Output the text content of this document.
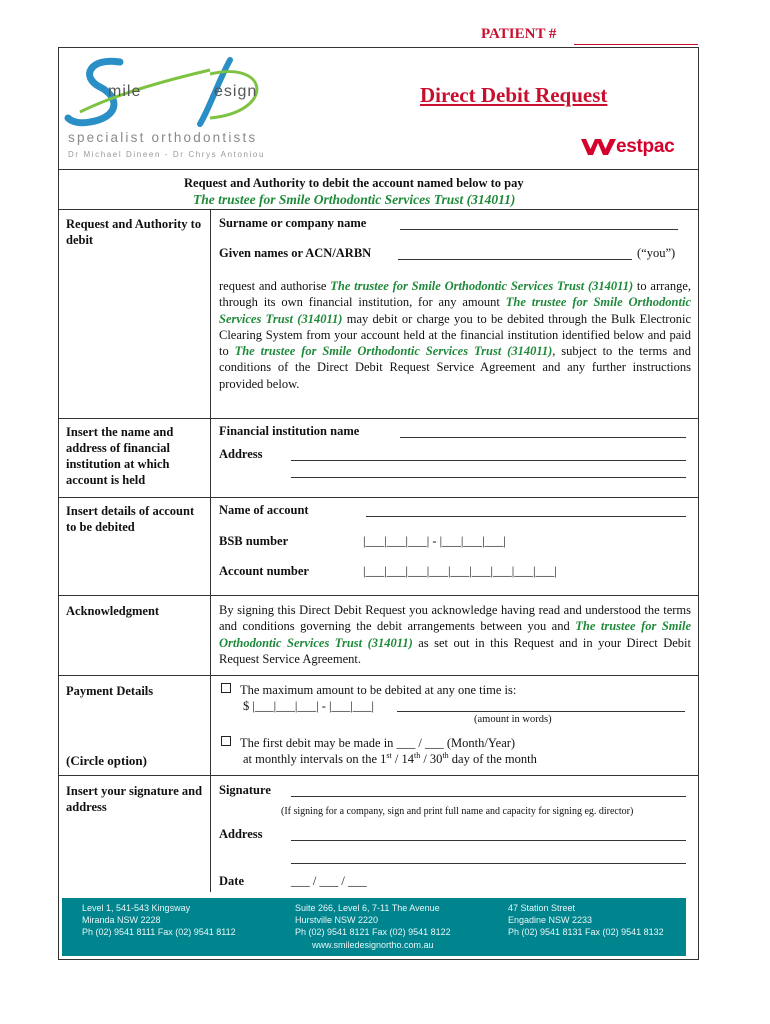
PATIENT #
mile	esign
specialist orthodontists
Dr Michael Dineen - Dr Chrys Antoniou	estpac
Direct Debit Request
Request and Authority to debit the account named below to pay
The trustee for Smile Orthodontic Services Trust (314011)
Request and Authority to debit
Surname or company name
Given names or ACN/ARBN	(“you”)
request and authorise The trustee for Smile Orthodontic Services Trust (314011) to arrange, through its own financial institution, for any amount The trustee for Smile Orthodontic Services Trust (314011) may debit or charge you to be debited through the Bulk Electronic Clearing System from your account held at the financial institution identified below and paid to The trustee for Smile Orthodontic Services Trust (314011), subject to the terms and conditions of the Direct Debit Request Service Agreement and any further instructions provided below.
Insert the name and address of financial institution at which account is held
Financial institution name
Address
Insert details of account to be debited
Name of account
BSB number	|___|___|___| - |___|___|___|
Account number	|___|___|___|___|___|___|___|___|___|
Acknowledgment	By signing this Direct Debit Request you acknowledge having read and understood the terms and conditions governing the debit arrangements between you and The trustee for Smile Orthodontic Services Trust (314011) as set out in this Request and in your Direct Debit Request Service Agreement.
Payment Details	The maximum amount to be debited at any one time is:
$ |___|___|___| - |___|___|
(amount in words)
(Circle option)
The first debit may be made in ___ / ___ (Month/Year)
at monthly intervals on the 1st / 14th / 30th day of the month
Insert your signature and address
Signature
(If signing for a company, sign and print full name and capacity for signing eg. director)
Address
Date	___ / ___ / ___
Level 1, 541-543 Kingsway
Miranda NSW 2228
Ph (02) 9541 8111 Fax (02) 9541 8112
Suite 266, Level 6, 7-11 The Avenue
Hurstville NSW 2220
Ph (02) 9541 8121 Fax (02) 9541 8122
47 Station Street
Engadine NSW 2233
Ph (02) 9541 8131 Fax (02) 9541 8132
www.smiledesignortho.com.au
